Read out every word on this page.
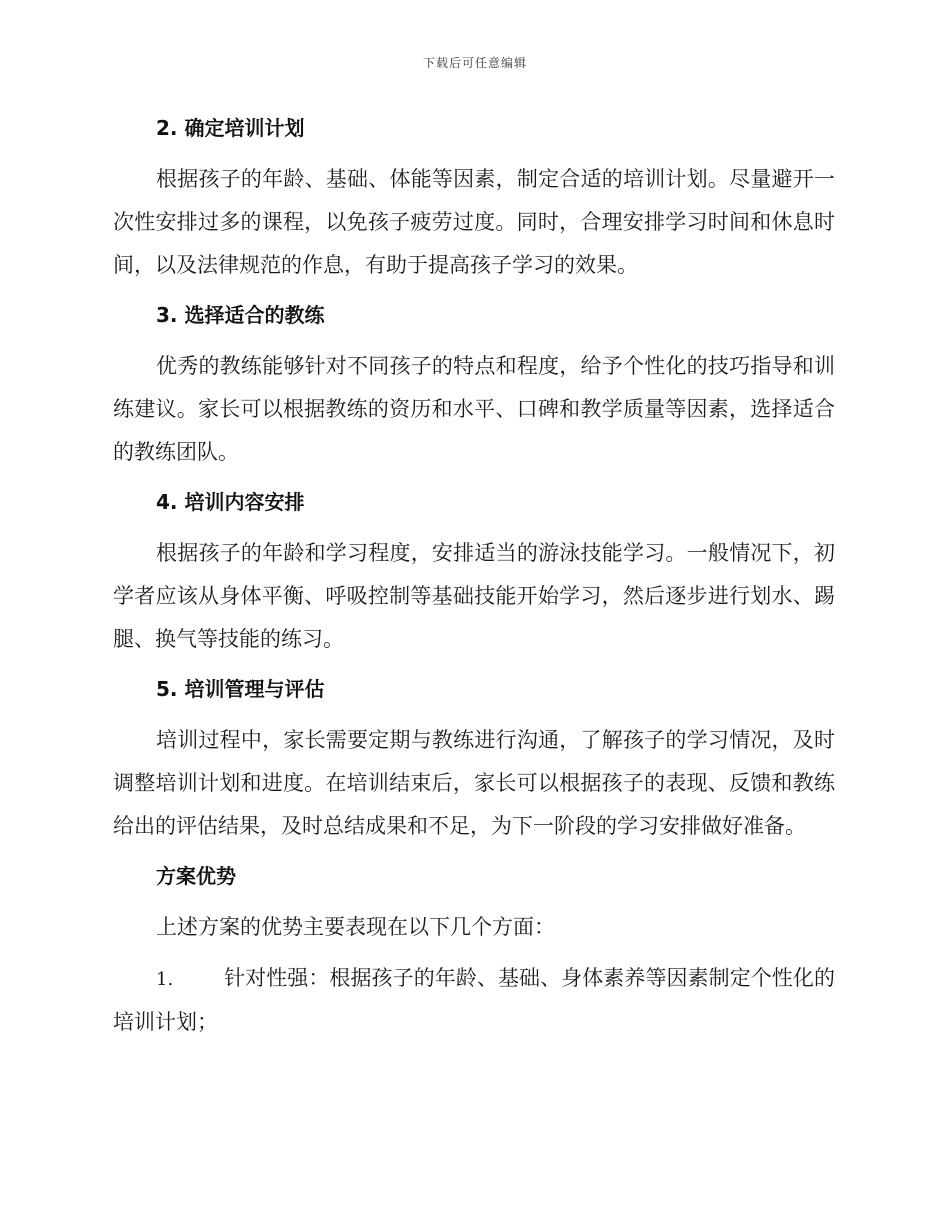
下载后可任意编辑
2. 确定培训计划

根据孩子的年龄、基础、体能等因素，制定合适的培训计划。尽量避开一次性安排过多的课程，以免孩子疲劳过度。同时，合理安排学习时间和休息时间，以及法律规范的作息，有助于提高孩子学习的效果。

3. 选择适合的教练

优秀的教练能够针对不同孩子的特点和程度，给予个性化的技巧指导和训练建议。家长可以根据教练的资历和水平、口碑和教学质量等因素，选择适合的教练团队。

4. 培训内容安排

根据孩子的年龄和学习程度，安排适当的游泳技能学习。一般情况下，初学者应该从身体平衡、呼吸控制等基础技能开始学习，然后逐步进行划水、踢腿、换气等技能的练习。

5. 培训管理与评估

培训过程中，家长需要定期与教练进行沟通，了解孩子的学习情况，及时调整培训计划和进度。在培训结束后，家长可以根据孩子的表现、反馈和教练给出的评估结果，及时总结成果和不足，为下一阶段的学习安排做好准备。

方案优势

上述方案的优势主要表现在以下几个方面：

1. 针对性强：根据孩子的年龄、基础、身体素养等因素制定个性化的培训计划；
